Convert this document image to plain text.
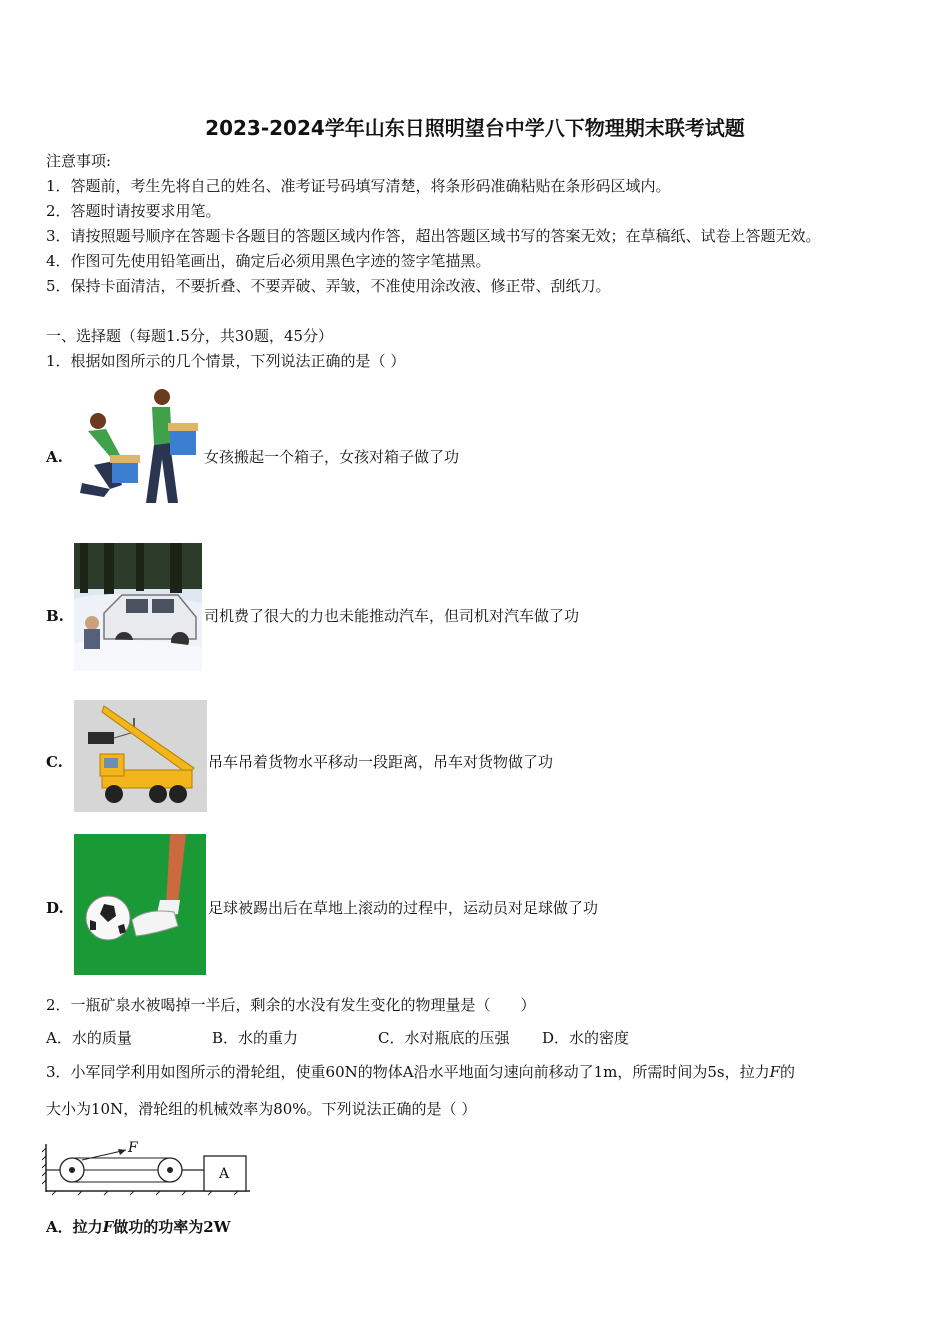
2023-2024学年山东日照明望台中学八下物理期末联考试题
注意事项:
1．答题前，考生先将自己的姓名、准考证号码填写清楚，将条形码准确粘贴在条形码区域内。
2．答题时请按要求用笔。
3．请按照题号顺序在答题卡各题目的答题区域内作答，超出答题区域书写的答案无效；在草稿纸、试卷上答题无效。
4．作图可先使用铅笔画出，确定后必须用黑色字迹的签字笔描黑。
5．保持卡面清洁，不要折叠、不要弄破、弄皱，不准使用涂改液、修正带、刮纸刀。
一、选择题（每题1.5分，共30题，45分）
1．根据如图所示的几个情景，下列说法正确的是（ ）
A.	女孩搬起一个箱子，女孩对箱子做了功
B.	司机费了很大的力也未能推动汽车，但司机对汽车做了功
C.	吊车吊着货物水平移动一段距离，吊车对货物做了功
D.	足球被踢出后在草地上滚动的过程中，运动员对足球做了功
2．一瓶矿泉水被喝掉一半后，剩余的水没有发生变化的物理量是（　　）
A．水的质量	B．水的重力	C．水对瓶底的压强 D．水的密度
3．小军同学利用如图所示的滑轮组，使重60N的物体A沿水平地面匀速向前移动了1m，所需时间为5s，拉力F的
大小为10N，滑轮组的机械效率为80%。下列说法正确的是（ ）
F
A
A．拉力F做功的功率为2W
